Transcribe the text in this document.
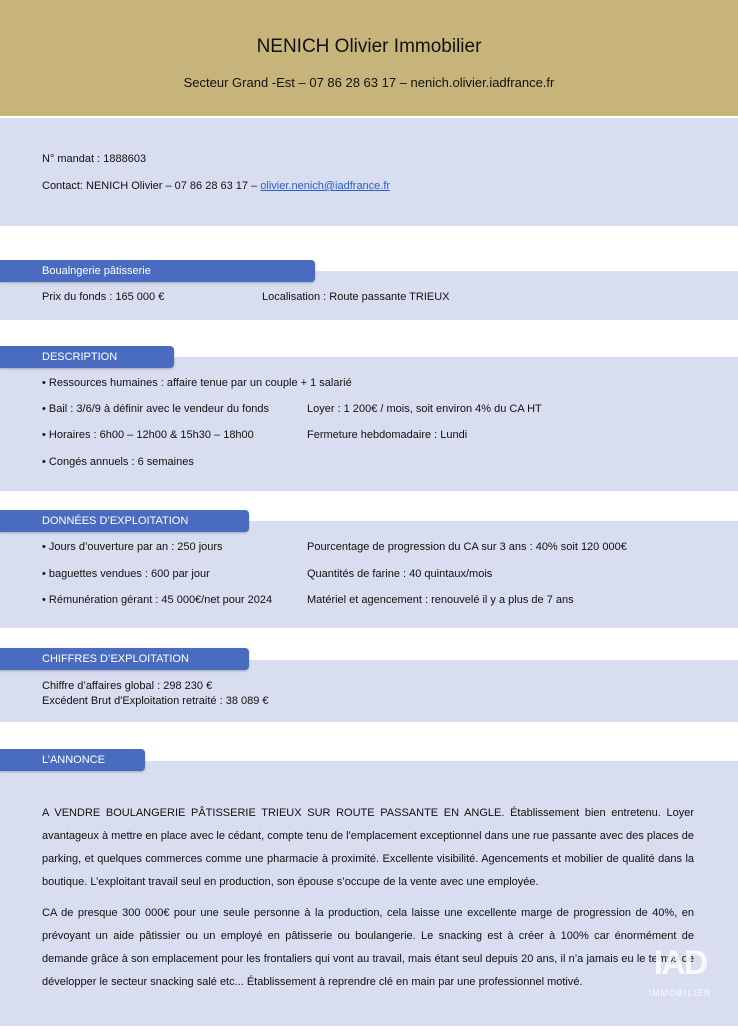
NENICH Olivier Immobilier
Secteur Grand -Est – 07 86 28 63 17 – nenich.olivier.iadfrance.fr
N° mandat : 1888603
Contact: NENICH Olivier – 07 86 28 63 17 – olivier.nenich@iadfrance.fr
Boualngerie pâtisserie
Prix du fonds : 165 000 €	Localisation : Route passante TRIEUX
DESCRIPTION
• Ressources humaines : affaire tenue par un couple + 1 salarié
• Bail : 3/6/9 à définir avec le vendeur du fonds	Loyer : 1 200€ / mois, soit environ 4% du CA HT
• Horaires : 6h00 – 12h00 & 15h30 – 18h00	Fermeture hebdomadaire : Lundi
• Congés annuels : 6 semaines
DONNÉES D’EXPLOITATION
• Jours d’ouverture par an : 250 jours	Pourcentage de progression du CA sur 3 ans : 40% soit 120 000€
• baguettes vendues : 600 par jour	Quantités de farine : 40 quintaux/mois
• Rémunération gérant : 45 000€/net pour 2024	Matériel et agencement : renouvelé il y a plus de 7 ans
CHIFFRES D’EXPLOITATION
Chiffre d’affaires global : 298 230 €
Excédent Brut d'Exploitation retraité : 38 089 €
L’ANNONCE
A VENDRE BOULANGERIE PÂTISSERIE TRIEUX SUR ROUTE PASSANTE EN ANGLE. Établissement bien entretenu. Loyer avantageux à mettre en place avec le cédant, compte tenu de l'emplacement exceptionnel dans une rue passante avec des places de parking, et quelques commerces comme une pharmacie à proximité. Excellente visibilité. Agencements et mobilier de qualité dans la boutique. L’exploitant travail seul en production, son épouse s’occupe de la vente avec une employée.
CA de presque 300 000€ pour une seule personne à la production, cela laisse une excellente marge de progression de 40%, en prévoyant un aide pâtissier ou un employé en pâtisserie ou boulangerie. Le snacking est à créer à 100% car énormément de demande grâce à son emplacement pour les frontaliers qui vont au travail, mais étant seul depuis 20 ans, il n’a jamais eu le temps de développer le secteur snacking salé etc... Établissement à reprendre clé en main par une professionnel motivé.	IAD
IMMOBILIER
